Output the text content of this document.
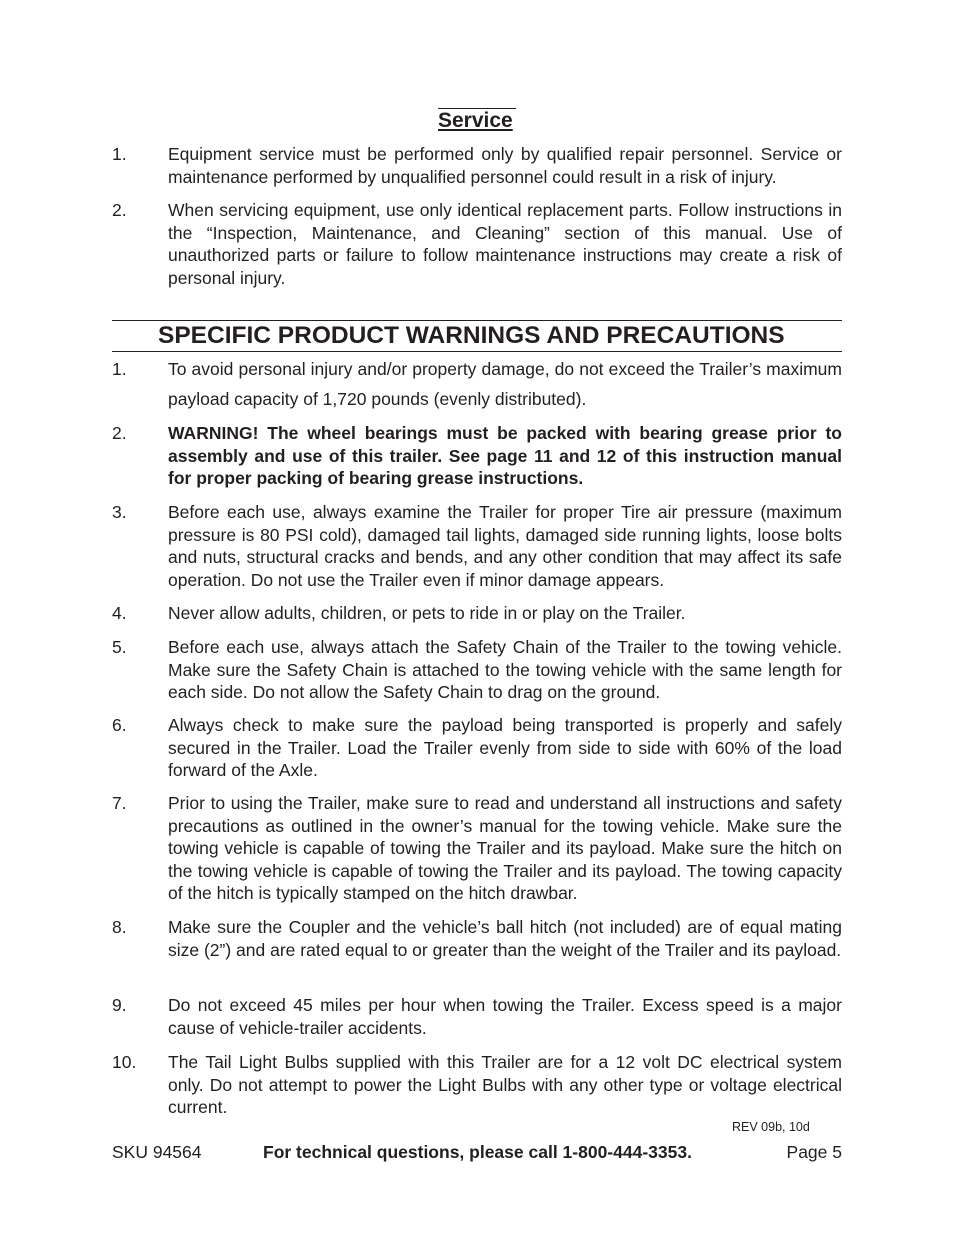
Service
1.	Equipment service must be performed only by qualified repair personnel. Service or maintenance performed by unqualified personnel could result in a risk of injury.
2.	When servicing equipment, use only identical replacement parts. Follow instructions in the “Inspection, Maintenance, and Cleaning” section of this manual. Use of unauthorized parts or failure to follow maintenance instructions may create a risk of personal injury.
SPECIFIC PRODUCT WARNINGS AND PRECAUTIONS
1.	To avoid personal injury and/or property damage, do not exceed the Trailer’s maximum payload capacity of 1,720 pounds (evenly distributed).
2.	WARNING! The wheel bearings must be packed with bearing grease prior to assembly and use of this trailer. See page 11 and 12 of this instruction manual for proper packing of bearing grease instructions.
3.	Before each use, always examine the Trailer for proper Tire air pressure (maximum pressure is 80 PSI cold), damaged tail lights, damaged side running lights, loose bolts and nuts, structural cracks and bends, and any other condition that may affect its safe operation. Do not use the Trailer even if minor damage appears.
4.	Never allow adults, children, or pets to ride in or play on the Trailer.
5.	Before each use, always attach the Safety Chain of the Trailer to the towing vehicle. Make sure the Safety Chain is attached to the towing vehicle with the same length for each side. Do not allow the Safety Chain to drag on the ground.
6.	Always check to make sure the payload being transported is properly and safely secured in the Trailer. Load the Trailer evenly from side to side with 60% of the load forward of the Axle.
7.	Prior to using the Trailer, make sure to read and understand all instructions and safety precautions as outlined in the owner’s manual for the towing vehicle. Make sure the towing vehicle is capable of towing the Trailer and its payload. Make sure the hitch on the towing vehicle is capable of towing the Trailer and its payload. The towing capacity of the hitch is typically stamped on the hitch drawbar.
8.	Make sure the Coupler and the vehicle’s ball hitch (not included) are of equal mating size (2”) and are rated equal to or greater than the weight of the Trailer and its payload.
9.	Do not exceed 45 miles per hour when towing the Trailer. Excess speed is a major cause of vehicle-trailer accidents.
10.	The Tail Light Bulbs supplied with this Trailer are for a 12 volt DC electrical system only. Do not attempt to power the Light Bulbs with any other type or voltage electrical current.
REV 09b, 10d
SKU 94564	For technical questions, please call 1-800-444-3353.	Page 5
